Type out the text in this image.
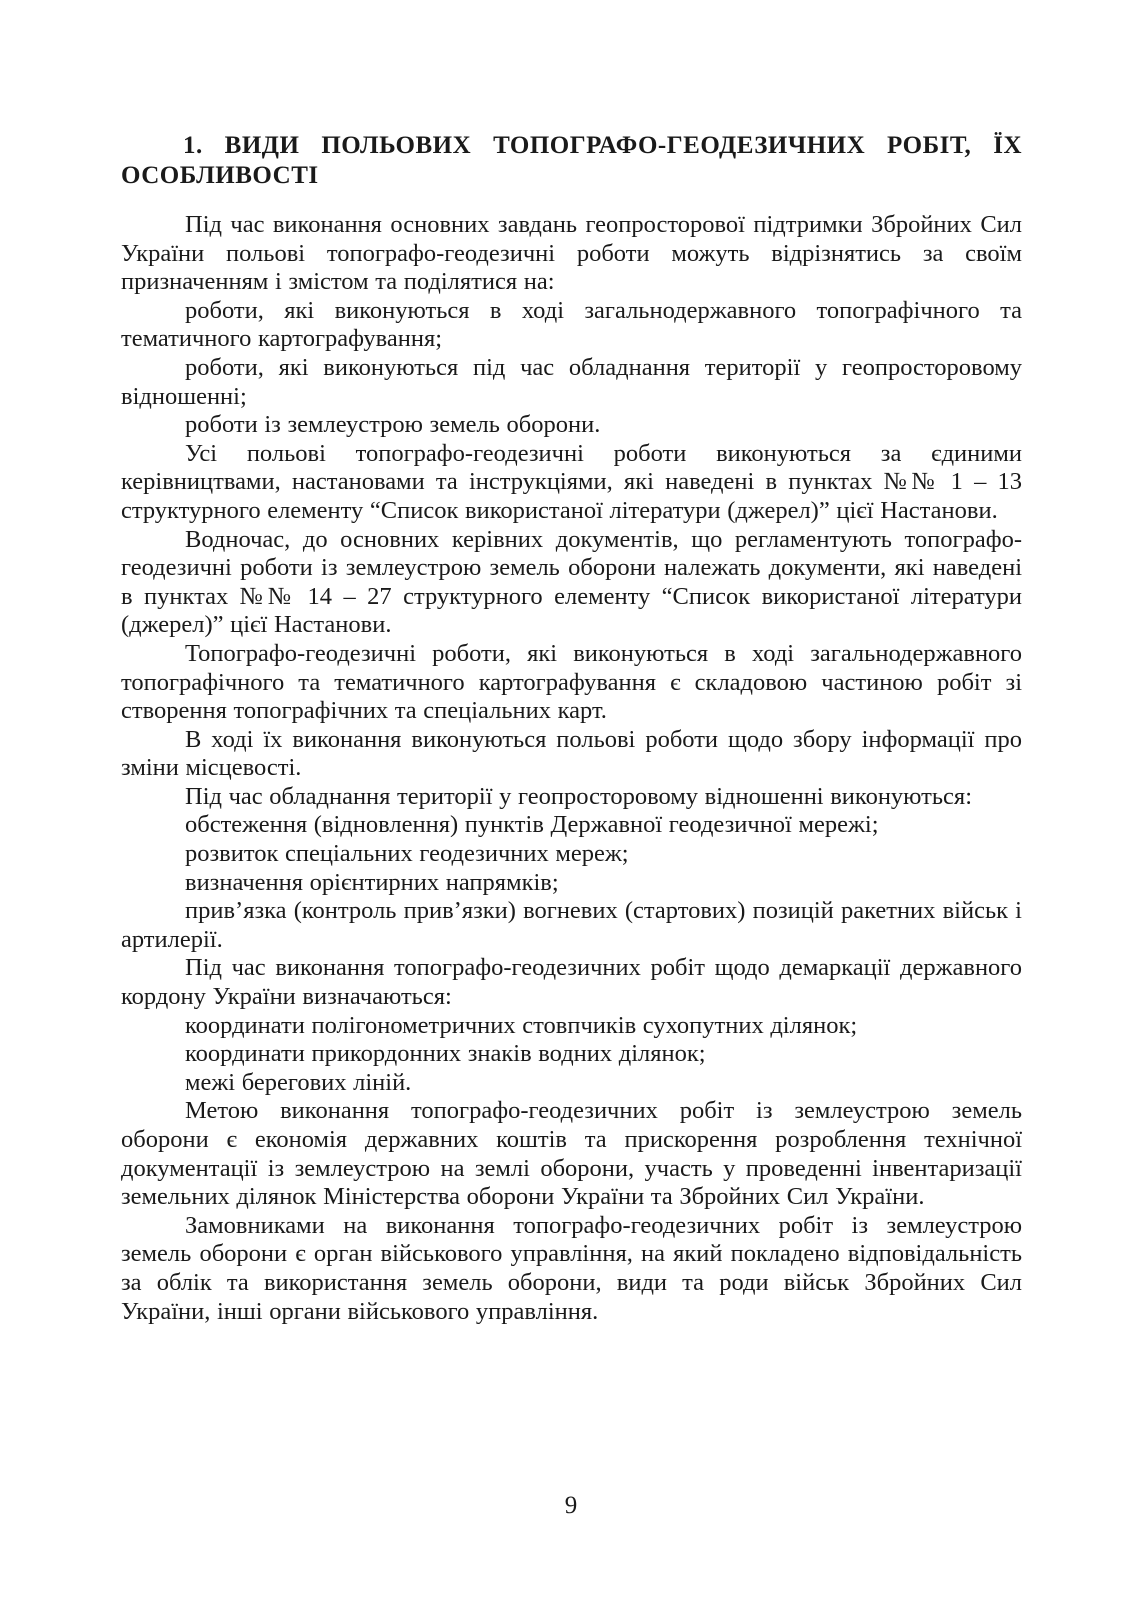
1. ВИДИ ПОЛЬОВИХ ТОПОГРАФО-ГЕОДЕЗИЧНИХ РОБІТ, ЇХ ОСОБЛИВОСТІ

Під час виконання основних завдань геопросторової підтримки Збройних Сил України польові топографо-геодезичні роботи можуть відрізнятись за своїм призначенням і змістом та поділятися на:

роботи, які виконуються в ході загальнодержавного топографічного та тематичного картографування;

роботи, які виконуються під час обладнання території у геопросторовому відношенні;

роботи із землеустрою земель оборони.

Усі польові топографо-геодезичні роботи виконуються за єдиними керівництвами, настановами та інструкціями, які наведені в пунктах №№ 1 – 13 структурного елементу “Список використаної літератури (джерел)” цієї Настанови.

Водночас, до основних керівних документів, що регламентують топографо-геодезичні роботи із землеустрою земель оборони належать документи, які наведені в пунктах №№ 14 – 27 структурного елементу “Список використаної літератури (джерел)” цієї Настанови.

Топографо-геодезичні роботи, які виконуються в ході загальнодержавного топографічного та тематичного картографування є складовою частиною робіт зі створення топографічних та спеціальних карт.

В ході їх виконання виконуються польові роботи щодо збору інформації про зміни місцевості.

Під час обладнання території у геопросторовому відношенні виконуються:

обстеження (відновлення) пунктів Державної геодезичної мережі;

розвиток спеціальних геодезичних мереж;

визначення орієнтирних напрямків;

прив’язка (контроль прив’язки) вогневих (стартових) позицій ракетних військ і артилерії.

Під час виконання топографо-геодезичних робіт щодо демаркації державного кордону України визначаються:

координати полігонометричних стовпчиків сухопутних ділянок;

координати прикордонних знаків водних ділянок;

межі берегових ліній.

Метою виконання топографо-геодезичних робіт із землеустрою земель оборони є економія державних коштів та прискорення розроблення технічної документації із землеустрою на землі оборони, участь у проведенні інвентаризації земельних ділянок Міністерства оборони України та Збройних Сил України.

Замовниками на виконання топографо-геодезичних робіт із землеустрою земель оборони є орган військового управління, на який покладено відповідальність за облік та використання земель оборони, види та роди військ Збройних Сил України, інші органи військового управління.

9
